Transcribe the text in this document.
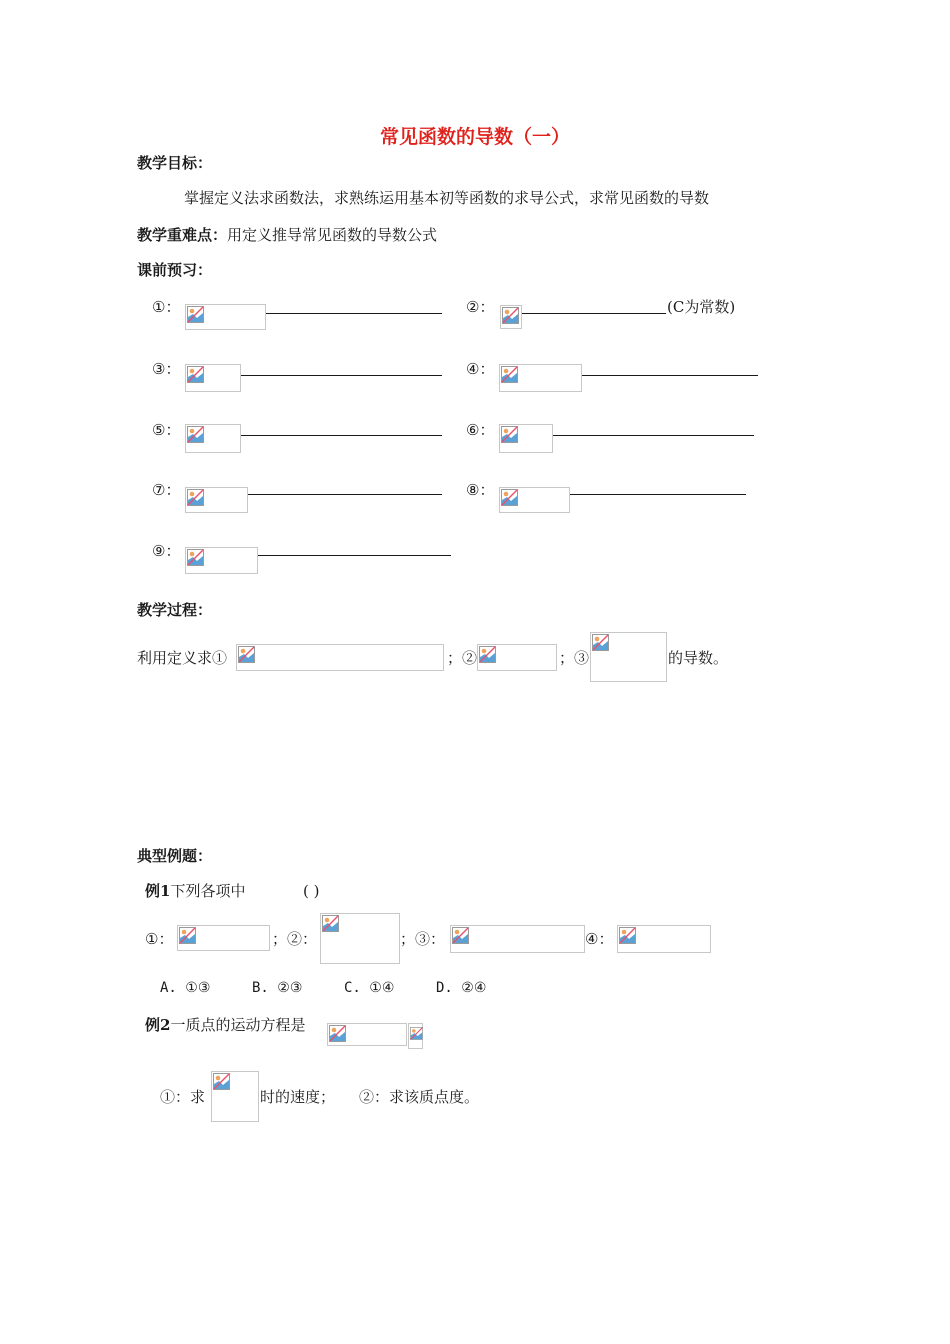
常见函数的导数（一）
教学目标：
掌握定义法求函数法，求熟练运用基本初等函数的求导公式，求常见函数的导数
教学重难点：用定义推导常见函数的导数公式
课前预习：
①：	②：	(C为常数)
③：	④：
⑤：	⑥：
⑦：	⑧：
⑨：
教学过程：
利用定义求①	；②	；③	的导数。
典型例题：
例1下列各项中	( )
①：	；②：	；③：	④：
A. ①③	B. ②③	C. ①④	D. ②④
例2一质点的运动方程是
①：求	时的速度； ②：求该质点度。
